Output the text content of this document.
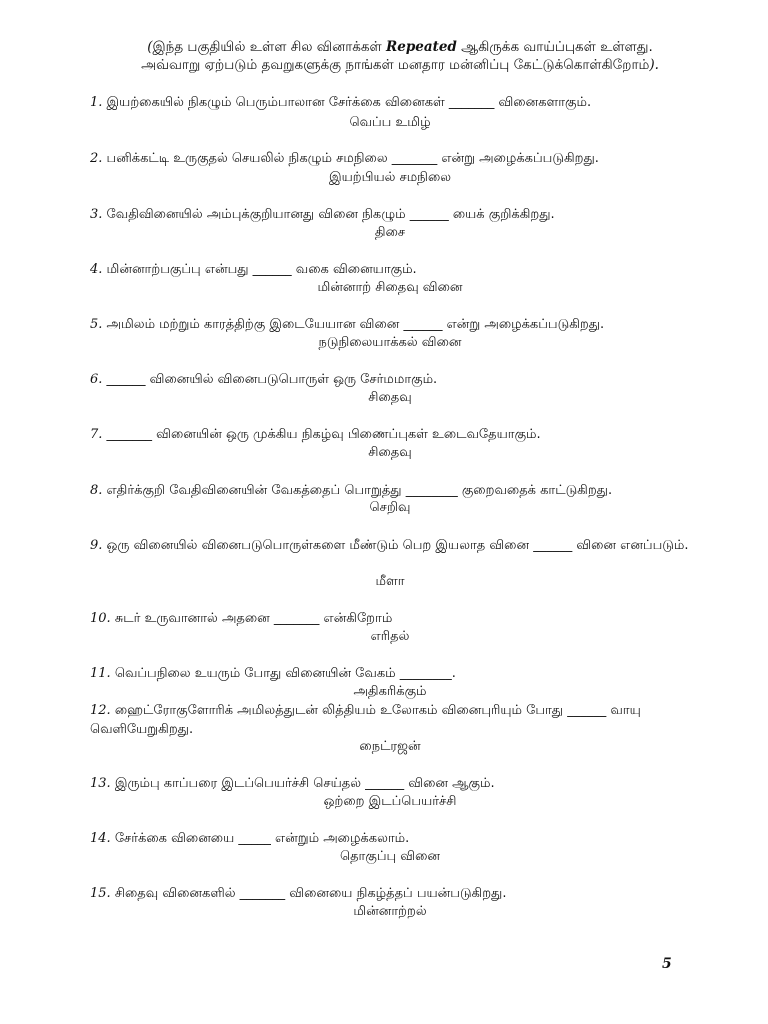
(இந்த பகுதியில் உள்ள சில வினாக்கள் Repeated ஆகிருக்க வாய்ப்புகள் உள்ளது.
அவ்வாறு ஏற்படும் தவறுகளுக்கு நாங்கள் மனதார மன்னிப்பு கேட்டுக்கொள்கிறோம்).
1. இயற்கையில் நிகழும் பெரும்பாலான சேர்க்கை வினைகள் _______ வினைகளாகும்.
வெப்ப உமிழ்
2. பனிக்கட்டி உருகுதல் செயலில் நிகழும் சமநிலை _______ என்று அழைக்கப்படுகிறது.
இயற்பியல் சமநிலை
3. வேதிவினையில் அம்புக்குறியானது வினை நிகழும் ______ யைக் குறிக்கிறது.
திசை
4. மின்னாற்பகுப்பு என்பது ______ வகை வினையாகும்.
மின்னாற் சிதைவு வினை
5. அமிலம் மற்றும் காரத்திற்கு இடையேயான வினை ______ என்று அழைக்கப்படுகிறது.
நடுநிலையாக்கல் வினை
6. ______ வினையில் வினைபடுபொருள் ஒரு சேர்மமாகும்.
சிதைவு
7. _______ வினையின் ஒரு முக்கிய நிகழ்வு பிணைப்புகள் உடைவதேயாகும்.
சிதைவு
8. எதிர்க்குறி வேதிவினையின் வேகத்தைப் பொறுத்து ________ குறைவதைக் காட்டுகிறது.
செறிவு
9. ஒரு வினையில் வினைபடுபொருள்களை மீண்டும் பெற இயலாத வினை ______ வினை எனப்படும்.
மீளா
10. சுடர் உருவானால் அதனை _______ என்கிறோம்
எரிதல்
11. வெப்பநிலை உயரும் போது வினையின் வேகம் ________.
அதிகரிக்கும்
12. ஹைட்ரோகுளோரிக் அமிலத்துடன் லித்தியம் உலோகம் வினைபுரியும் போது ______ வாயு வெளியேறுகிறது.
நைட்ரஜன்
13. இரும்பு காப்பரை இடப்பெயர்ச்சி செய்தல் ______ வினை ஆகும்.
ஒற்றை இடப்பெயர்ச்சி
14. சேர்க்கை வினையை _____ என்றும் அழைக்கலாம்.
தொகுப்பு வினை
15. சிதைவு வினைகளில் _______ வினையை நிகழ்த்தப் பயன்படுகிறது.
மின்னாற்றல்
5
